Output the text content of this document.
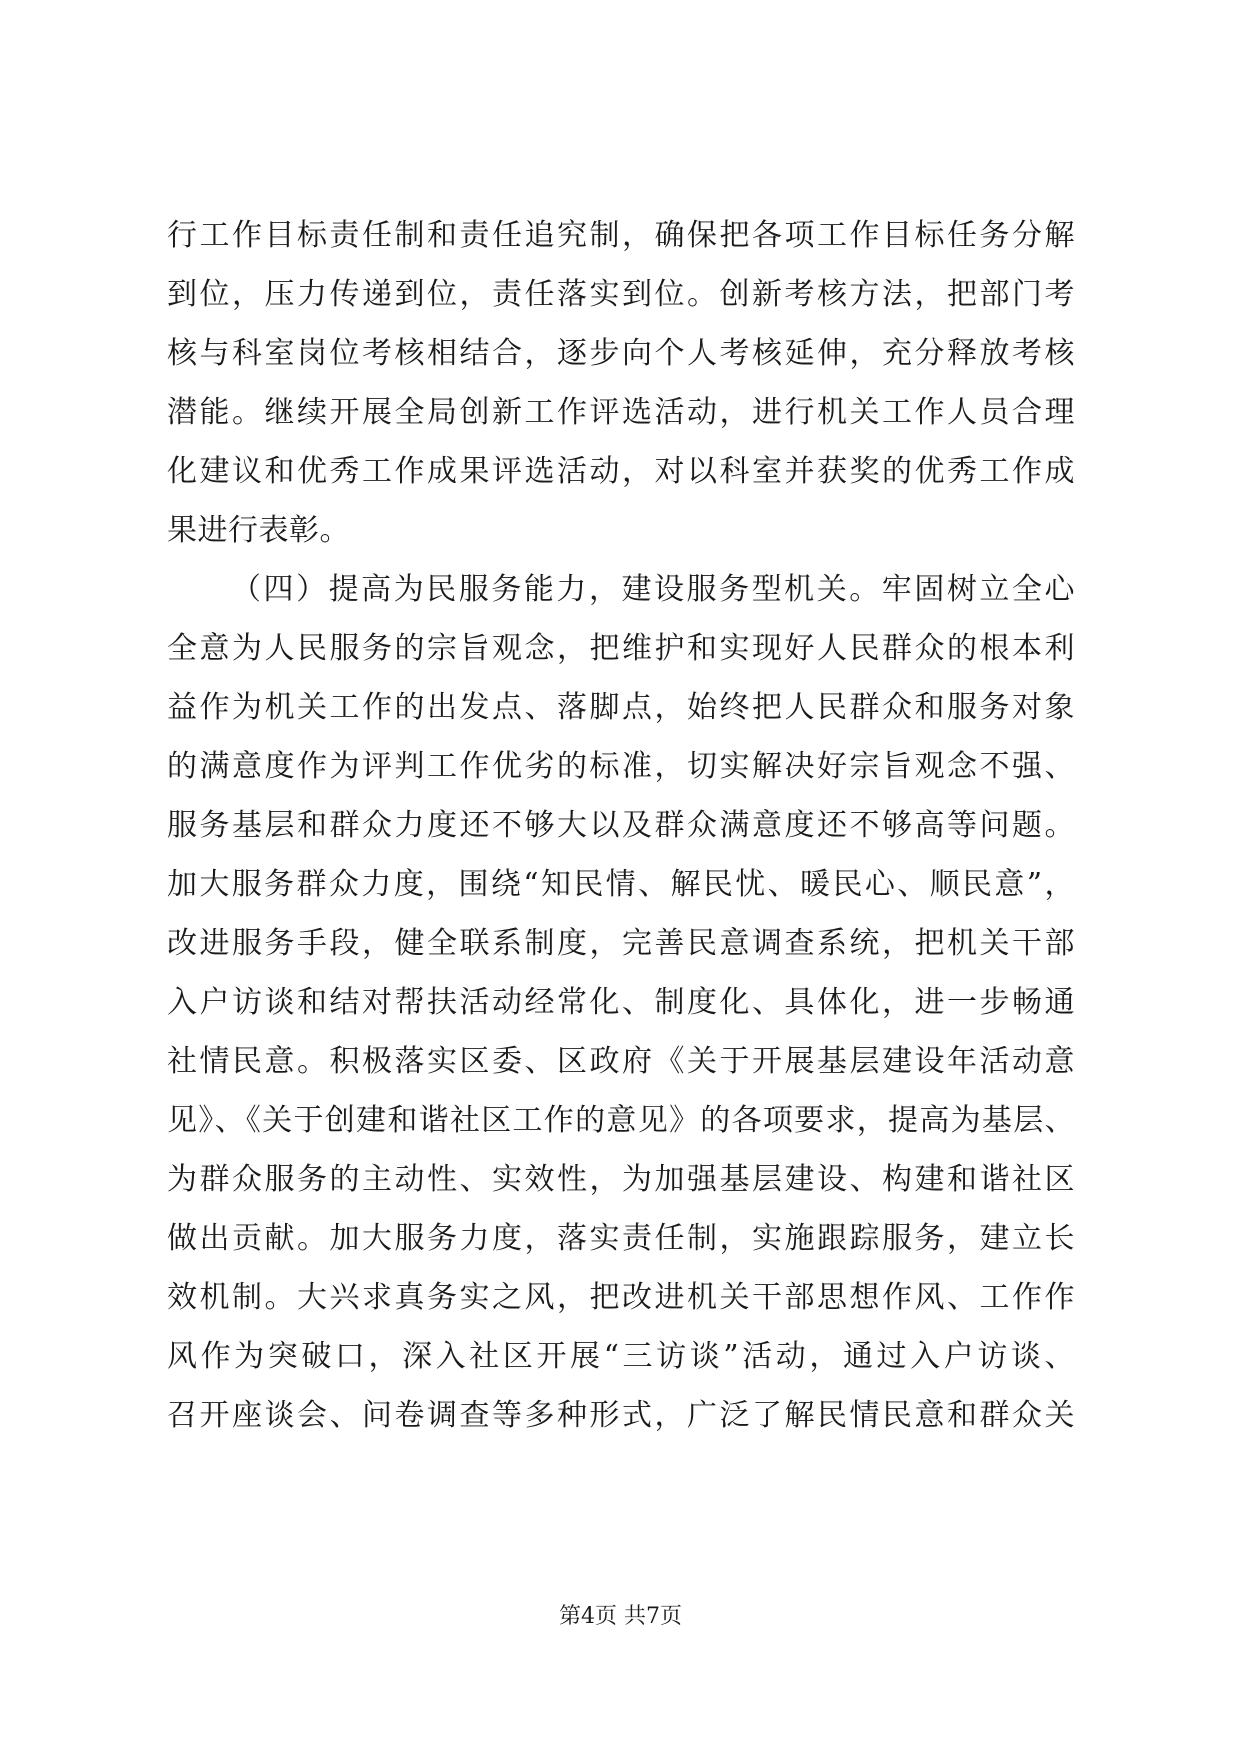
行工作目标责任制和责任追究制，确保把各项工作目标任务分解
到位，压力传递到位，责任落实到位。创新考核方法，把部门考
核与科室岗位考核相结合，逐步向个人考核延伸，充分释放考核
潜能。继续开展全局创新工作评选活动，进行机关工作人员合理
化建议和优秀工作成果评选活动，对以科室并获奖的优秀工作成
果进行表彰。
（四）提高为民服务能力，建设服务型机关。牢固树立全心
全意为人民服务的宗旨观念，把维护和实现好人民群众的根本利
益作为机关工作的出发点、落脚点，始终把人民群众和服务对象
的满意度作为评判工作优劣的标准，切实解决好宗旨观念不强、
服务基层和群众力度还不够大以及群众满意度还不够高等问题。
加大服务群众力度，围绕“知民情、解民忧、暖民心、顺民意”，
改进服务手段，健全联系制度，完善民意调查系统，把机关干部
入户访谈和结对帮扶活动经常化、制度化、具体化，进一步畅通
社情民意。积极落实区委、区政府《关于开展基层建设年活动意
见》、《关于创建和谐社区工作的意见》的各项要求，提高为基层、
为群众服务的主动性、实效性，为加强基层建设、构建和谐社区
做出贡献。加大服务力度，落实责任制，实施跟踪服务，建立长
效机制。大兴求真务实之风，把改进机关干部思想作风、工作作
风作为突破口，深入社区开展“三访谈”活动，通过入户访谈、
召开座谈会、问卷调查等多种形式，广泛了解民情民意和群众关
第4页 共7页
